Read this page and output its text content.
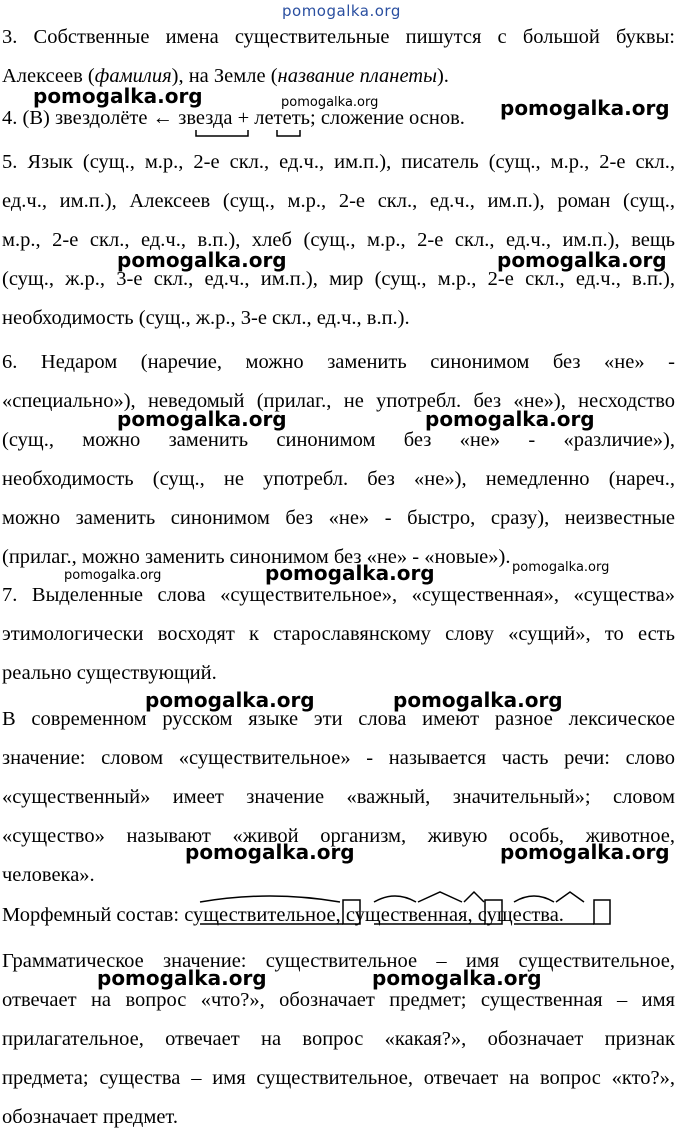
pomogalka.org
3. Собственные имена существительные пишутся с большой буквы:
Алексеев (фамилия), на Земле (название планеты).
pomogalka.org	pomogalka.org	pomogalka.org
4. (В) звездолёте ← звезда + лететь; сложение основ.
5. Язык (сущ., м.р., 2-е скл., ед.ч., им.п.), писатель (сущ., м.р., 2-е скл.,
ед.ч., им.п.), Алексеев (сущ., м.р., 2-е скл., ед.ч., им.п.), роман (сущ.,
м.р., 2-е скл., ед.ч., в.п.), хлеб (сущ., м.р., 2-е скл., ед.ч., им.п.), вещь
(сущ., ж.р., 3-е скл., ед.ч., им.п.), мир (сущ., м.р., 2-е скл., ед.ч., в.п.),
необходимость (сущ., ж.р., 3-е скл., ед.ч., в.п.).
pomogalka.org	pomogalka.org
6. Недаром (наречие, можно заменить синонимом без «не» -
«специально»), неведомый (прилаг., не употребл. без «не»), несходство
(сущ., можно заменить синонимом без «не» - «различие»),
необходимость (сущ., не употребл. без «не»), немедленно (нареч.,
можно заменить синонимом без «не» - быстро, сразу), неизвестные
(прилаг., можно заменить синонимом без «не» - «новые»).
pomogalka.org	pomogalka.org
pomogalka.org	pomogalka.org	pomogalka.org
7. Выделенные слова «существительное», «существенная», «существа»
этимологически восходят к старославянскому слову «сущий», то есть
реально существующий.
pomogalka.org	pomogalka.org
В современном русском языке эти слова имеют разное лексическое
значение: словом «существительное» - называется часть речи: слово
«существенный» имеет значение «важный, значительный»; словом
«существо» называют «живой организм, живую особь, животное,
человека».
pomogalka.org	pomogalka.org
Морфемный состав: существительное, существенная, существа.
Грамматическое значение: существительное – имя существительное,
отвечает на вопрос «что?», обозначает предмет; существенная – имя
прилагательное, отвечает на вопрос «какая?», обозначает признак
предмета; существа – имя существительное, отвечает на вопрос «кто?»,
обозначает предмет.
pomogalka.org	pomogalka.org
